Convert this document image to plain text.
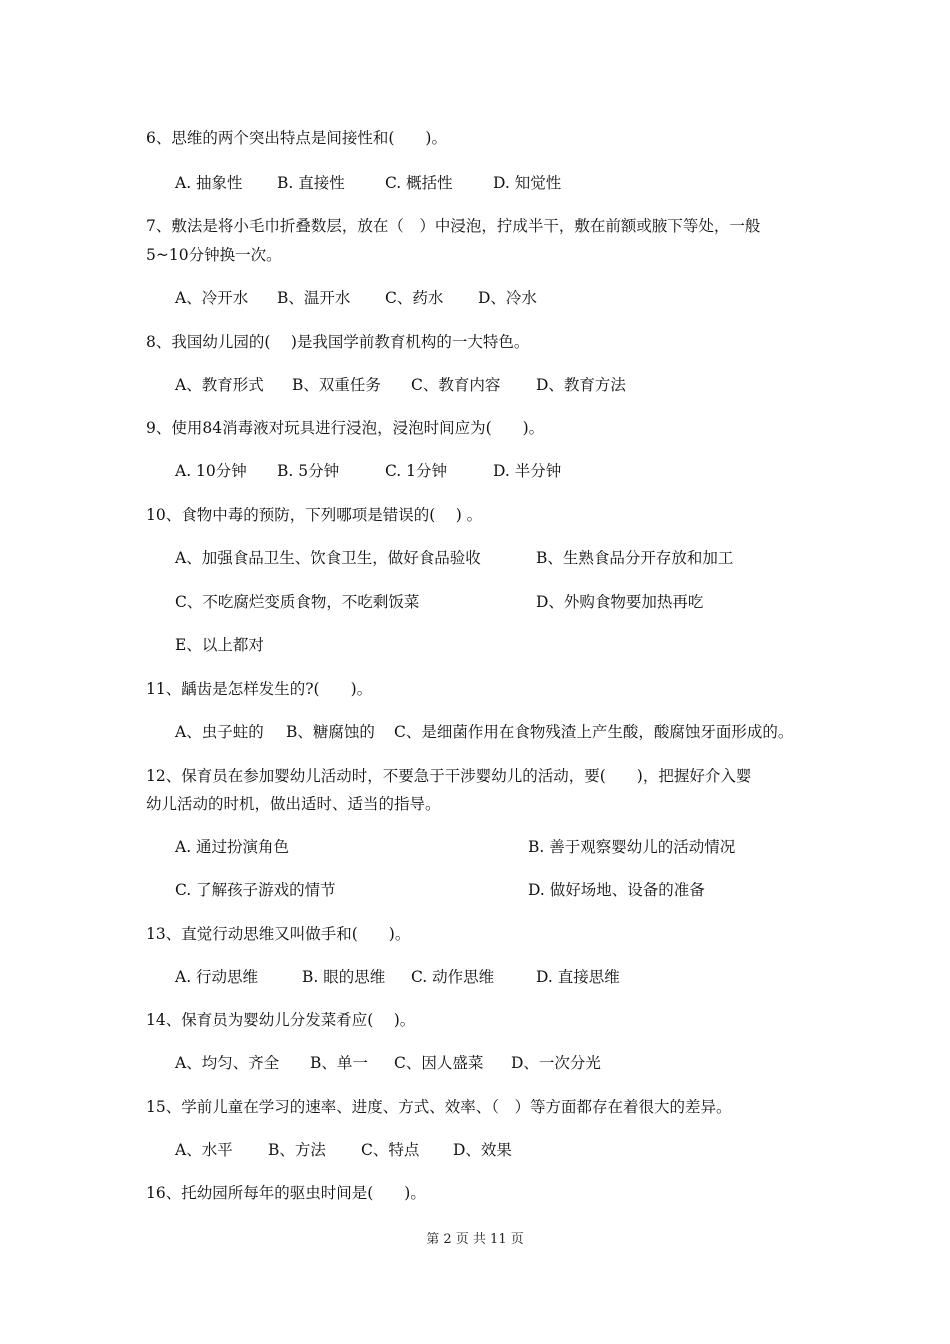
6、思维的两个突出特点是间接性和(　　)。
A. 抽象性 B. 直接性	C. 概括性	D. 知觉性
7、敷法是将小毛巾折叠数层，放在（　）中浸泡，拧成半干，敷在前额或腋下等处，一般
5~10分钟换一次。
A、冷开水 B、温开水 C、药水 D、冷水
8、我国幼儿园的(　 )是我国学前教育机构的一大特色。
A、教育形式 B、双重任务 C、教育内容 D、教育方法
9、使用84消毒液对玩具进行浸泡，浸泡时间应为(　　)。
A. 10分钟 B. 5分钟	C. 1分钟	D. 半分钟
10、食物中毒的预防，下列哪项是错误的(　 ) 。
A、加强食品卫生、饮食卫生，做好食品验收	B、生熟食品分开存放和加工
C、不吃腐烂变质食物，不吃剩饭菜	D、外购食物要加热再吃
E、以上都对
11、龋齿是怎样发生的?(　　)。
A、虫子蛀的 B、糖腐蚀的 C、是细菌作用在食物残渣上产生酸，酸腐蚀牙面形成的。
12、保育员在参加婴幼儿活动时，不要急于干涉婴幼儿的活动，要(　　)，把握好介入婴
幼儿活动的时机，做出适时、适当的指导。
A. 通过扮演角色	B. 善于观察婴幼儿的活动情况
C. 了解孩子游戏的情节	D. 做好场地、设备的准备
13、直觉行动思维又叫做手和(　　)。
A. 行动思维	B. 眼的思维 C. 动作思维	D. 直接思维
14、保育员为婴幼儿分发菜肴应(　 )。
A、均匀、齐全 B、单一 C、因人盛菜 D、一次分光
15、学前儿童在学习的速率、进度、方式、效率、（　）等方面都存在着很大的差异。
A、水平 B、方法 C、特点 D、效果
16、托幼园所每年的驱虫时间是(　　)。
第 2 页 共 11 页
